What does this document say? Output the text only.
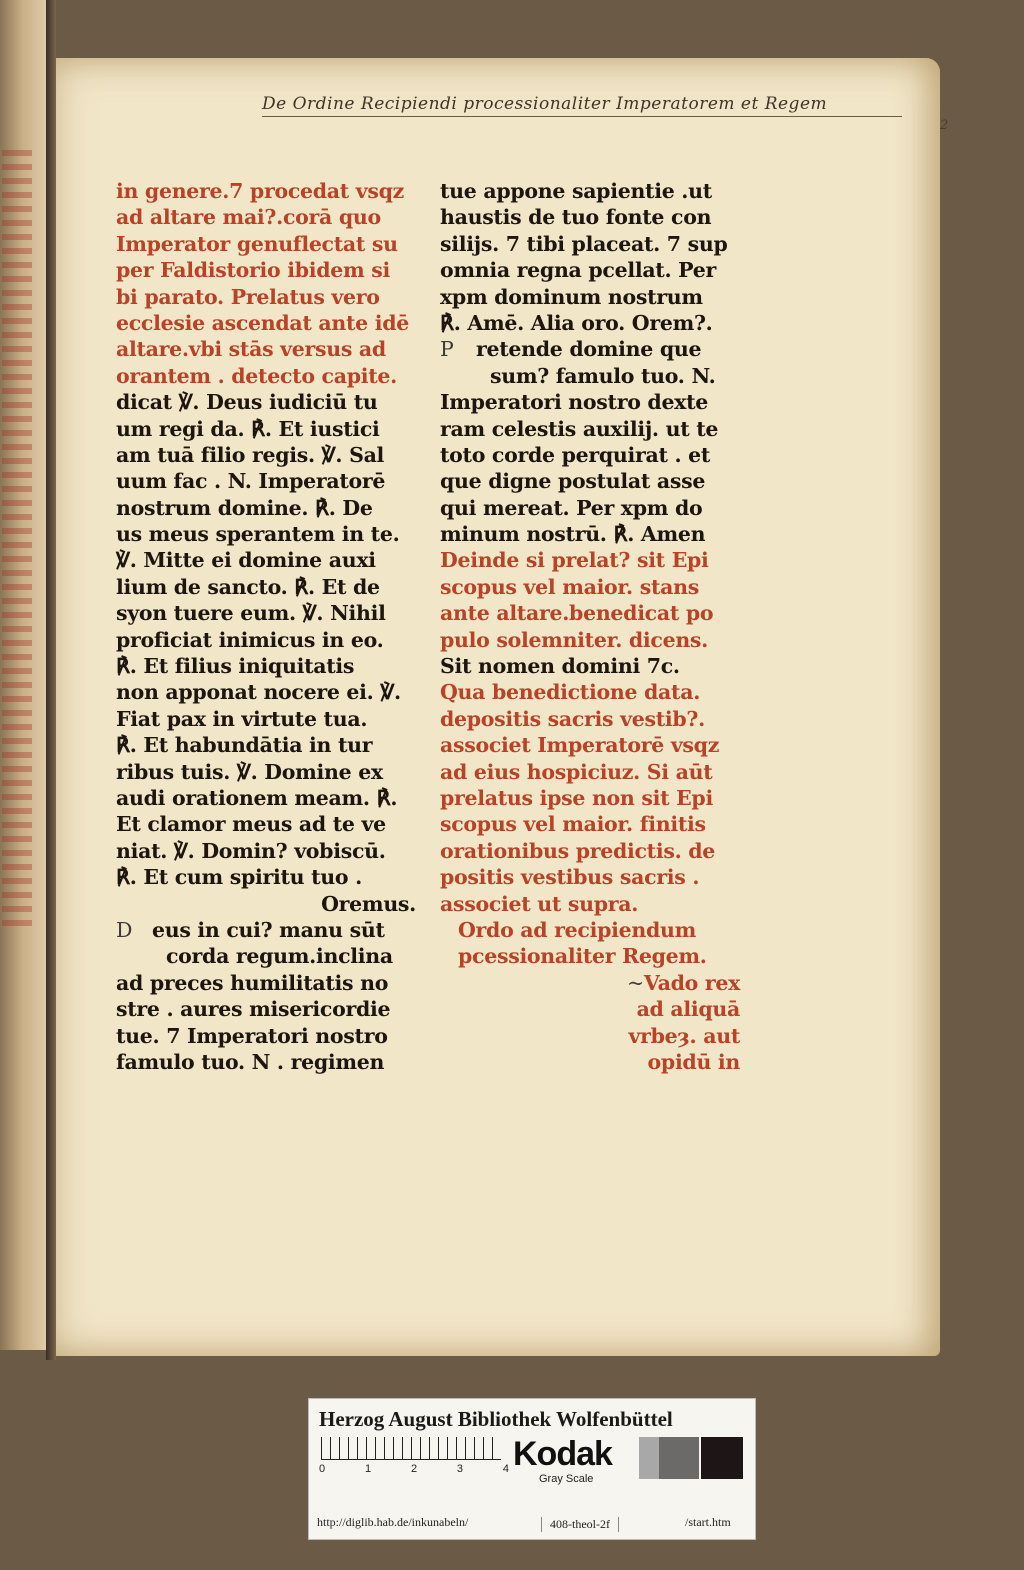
2
De Ordine Recipiendi processionaliter Imperatorem et Regem
in genere.7 procedat vsqz
ad altare mai?.corā quo
Imperator genuflectat su
per Faldistorio ibidem si
bi parato. Prelatus vero
ecclesie ascendat ante idē
altare.vbi stās versus ad
orantem . detecto capite.
dicat ℣. Deus iudiciū tu
um regi da. ℟. Et iustici
am tuā filio regis. ℣. Sal
uum fac . N. Imperatorē
nostrum domine. ℟. De
us meus sperantem in te.
℣. Mitte ei domine auxi
lium de sancto. ℟. Et de
syon tuere eum. ℣. Nihil
proficiat inimicus in eo.
℟. Et filius iniquitatis
non apponat nocere ei. ℣.
Fiat pax in virtute tua.
℟. Et habundātia in tur
ribus tuis. ℣. Domine ex
audi orationem meam. ℟.
Et clamor meus ad te ve
niat. ℣. Domin? vobiscū.
℟. Et cum spiritu tuo .
Oremus.
D eus in cui? manu sūt
corda regum.inclina
ad preces humilitatis no
stre . aures misericordie
tue. 7 Imperatori nostro
famulo tuo. N . regimen
tue appone sapientie .ut
haustis de tuo fonte con
silijs. 7 tibi placeat. 7 sup
omnia regna pcellat. Per
xpm dominum nostrum
℟. Amē. Alia oro. Orem?.
P retende domine que
sum? famulo tuo. N.
Imperatori nostro dexte
ram celestis auxilij. ut te
toto corde perquirat . et
que digne postulat asse
qui mereat. Per xpm do
minum nostrū. ℟. Amen
Deinde si prelat? sit Epi
scopus vel maior. stans
ante altare.benedicat po
pulo solemniter. dicens.
Sit nomen domini 7c.
Qua benedictione data.
depositis sacris vestib?.
associet Imperatorē vsqz
ad eius hospiciuz. Si aūt
prelatus ipse non sit Epi
scopus vel maior. finitis
orationibus predictis. de
positis vestibus sacris .
associet ut supra.
Ordo ad recipiendum
pcessionaliter Regem.
~Vado rex
ad aliquā
vrbeȝ. aut
opidū in
Herzog August Bibliothek Wolfenbüttel
0	1	2	3	4 Kodak
Gray Scale
http://diglib.hab.de/inkunabeln/	408-theol-2f	/start.htm
